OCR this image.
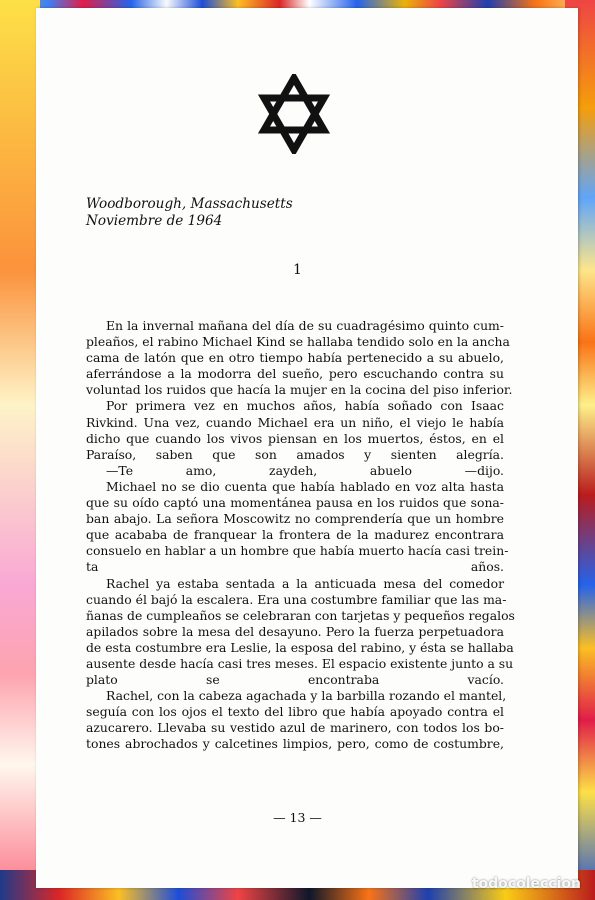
Woodborough, Massachusetts
Noviembre de 1964
1
En la invernal mañana del día de su cuadragésimo quinto cum-
pleaños, el rabino Michael Kind se hallaba tendido solo en la ancha
cama de latón que en otro tiempo había pertenecido a su abuelo,
aferrándose a la modorra del sueño, pero escuchando contra su
voluntad los ruidos que hacía la mujer en la cocina del piso inferior.
Por primera vez en muchos años, había soñado con Isaac
Rivkind. Una vez, cuando Michael era un niño, el viejo le había
dicho que cuando los vivos piensan en los muertos, éstos, en el
Paraíso, saben que son amados y sienten alegría.
—Te amo, zaydeh, abuelo —dijo.
Michael no se dio cuenta que había hablado en voz alta hasta
que su oído captó una momentánea pausa en los ruidos que sona-
ban abajo. La señora Moscowitz no comprendería que un hombre
que acababa de franquear la frontera de la madurez encontrara
consuelo en hablar a un hombre que había muerto hacía casi trein-
ta años.
Rachel ya estaba sentada a la anticuada mesa del comedor
cuando él bajó la escalera. Era una costumbre familiar que las ma-
ñanas de cumpleaños se celebraran con tarjetas y pequeños regalos
apilados sobre la mesa del desayuno. Pero la fuerza perpetuadora
de esta costumbre era Leslie, la esposa del rabino, y ésta se hallaba
ausente desde hacía casi tres meses. El espacio existente junto a su
plato se encontraba vacío.
Rachel, con la cabeza agachada y la barbilla rozando el mantel,
seguía con los ojos el texto del libro que había apoyado contra el
azucarero. Llevaba su vestido azul de marinero, con todos los bo-
tones abrochados y calcetines limpios, pero, como de costumbre,
— 13 —
todocoleccion
